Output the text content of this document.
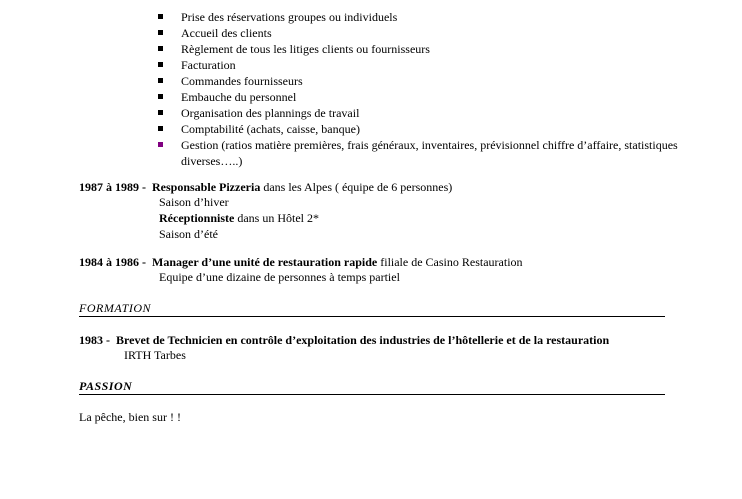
Prise des réservations groupes ou individuels
Accueil des clients
Règlement de tous les litiges clients ou fournisseurs
Facturation
Commandes fournisseurs
Embauche du personnel
Organisation des plannings de travail
Comptabilité (achats, caisse, banque)
Gestion (ratios matière premières, frais généraux, inventaires, prévisionnel chiffre d’affaire, statistiques diverses…..)
1987 à 1989 - Responsable Pizzeria dans les Alpes ( équipe de 6 personnes)
Saison d’hiver
Réceptionniste dans un Hôtel 2*
Saison d’été
1984 à 1986 - Manager d’une unité de restauration rapide filiale de Casino Restauration
Equipe d’une dizaine de personnes à temps partiel
FORMATION
1983 - Brevet de Technicien en contrôle d’exploitation des industries de l’hôtellerie et de la restauration
IRTH Tarbes
PASSION
La pêche, bien sur ! !
